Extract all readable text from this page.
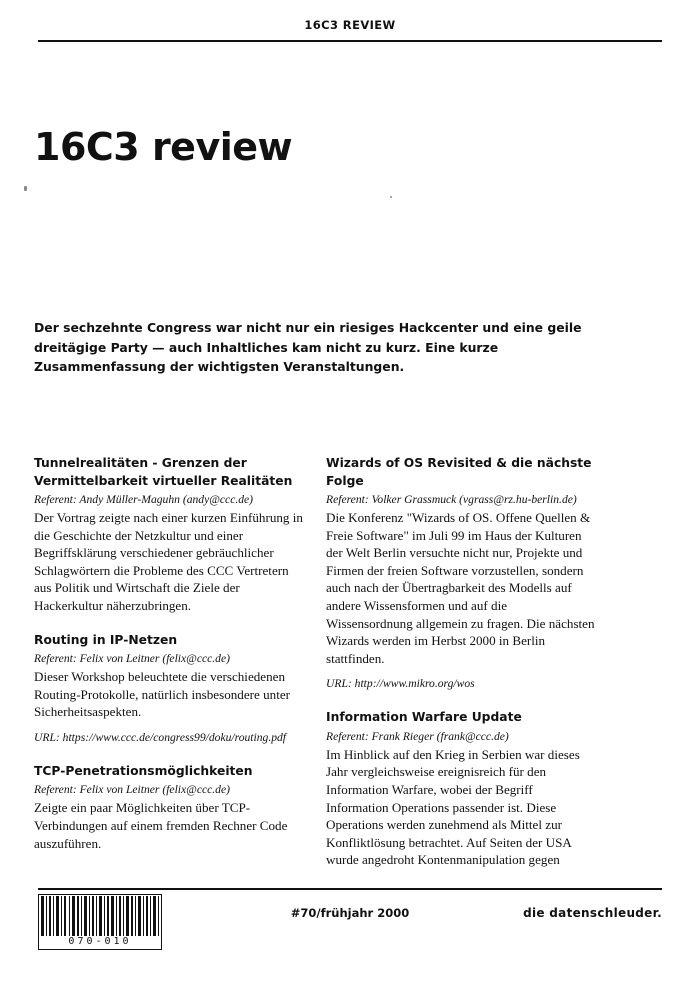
16C3 REVIEW
16C3 review
Der sechzehnte Congress war nicht nur ein riesiges Hackcenter und eine geile dreitägige Party — auch Inhaltliches kam nicht zu kurz. Eine kurze Zusammenfassung der wichtigsten Veranstaltungen.
Tunnelrealitäten - Grenzen der Vermittelbarkeit virtueller Realitäten
Referent: Andy Müller-Maguhn (andy@ccc.de)
Der Vortrag zeigte nach einer kurzen Einführung in die Geschichte der Netzkultur und einer Begriffsklärung verschiedener gebräuchlicher Schlagwörtern die Probleme des CCC Vertretern aus Politik und Wirtschaft die Ziele der Hackerkultur näherzubringen.
Routing in IP-Netzen
Referent: Felix von Leitner (felix@ccc.de)
Dieser Workshop beleuchtete die verschiedenen Routing-Protokolle, natürlich insbesondere unter Sicherheitsaspekten.
URL: https://www.ccc.de/congress99/doku/routing.pdf
TCP-Penetrationsmöglichkeiten
Referent: Felix von Leitner (felix@ccc.de)
Zeigte ein paar Möglichkeiten über TCP-Verbindungen auf einem fremden Rechner Code auszuführen.
Wizards of OS Revisited & die nächste Folge
Referent: Volker Grassmuck (vgrass@rz.hu-berlin.de)
Die Konferenz "Wizards of OS. Offene Quellen & Freie Software" im Juli 99 im Haus der Kulturen der Welt Berlin versuchte nicht nur, Projekte und Firmen der freien Software vorzustellen, sondern auch nach der Übertragbarkeit des Modells auf andere Wissensformen und auf die Wissensordnung allgemein zu fragen. Die nächsten Wizards werden im Herbst 2000 in Berlin stattfinden.
URL: http://www.mikro.org/wos
Information Warfare Update
Referent: Frank Rieger (frank@ccc.de)
Im Hinblick auf den Krieg in Serbien war dieses Jahr vergleichsweise ereignisreich für den Information Warfare, wobei der Begriff Information Operations passender ist. Diese Operations werden zunehmend als Mittel zur Konfliktlösung betrachtet. Auf Seiten der USA wurde angedroht Kontenmanipulation gegen
070-010
#70/frühjahr 2000	die datenschleuder.
